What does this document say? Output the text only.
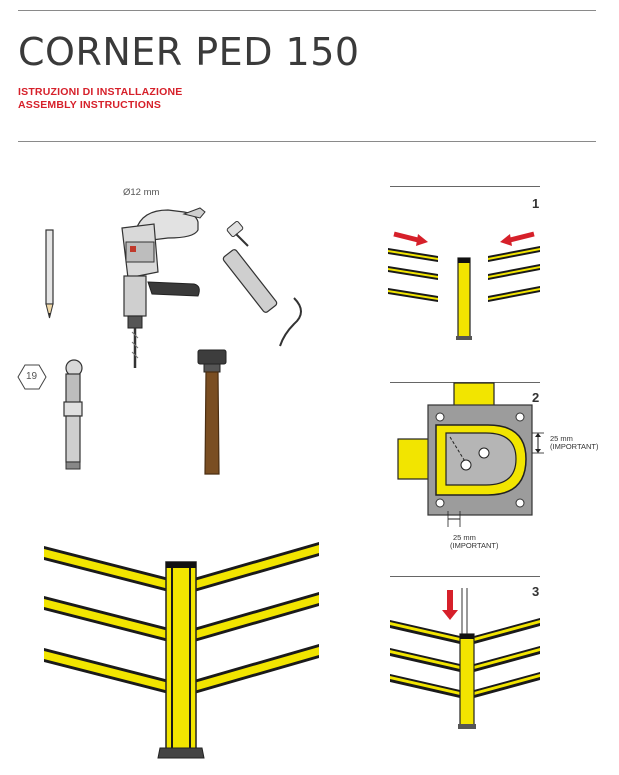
CORNER PED 150
ISTRUZIONI DI INSTALLAZIONE
ASSEMBLY INSTRUCTIONS
Ø12 mm
19
1
2
25 mm
(IMPORTANT)
25 mm
(IMPORTANT)
3
